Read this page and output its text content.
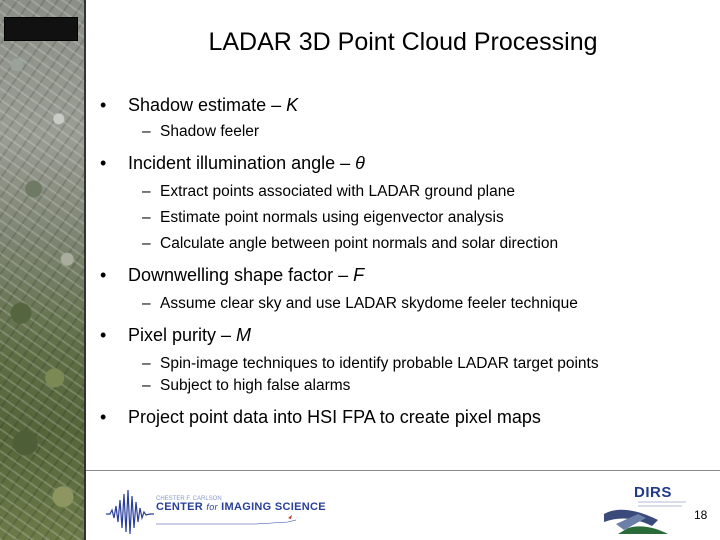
LADAR 3D Point Cloud Processing
• Shadow estimate – K
– Shadow feeler
• Incident illumination angle – θ
– Extract points associated with LADAR ground plane
– Estimate point normals using eigenvector analysis
– Calculate angle between point normals and solar direction
• Downwelling shape factor – F
– Assume clear sky and use LADAR skydome feeler technique
• Pixel purity – M
– Spin-image techniques to identify probable LADAR target points
– Subject to high false alarms
• Project point data into HSI FPA to create pixel maps
CHESTER F. CARLSON
CENTER for IMAGING SCIENCE
DIRS
18
